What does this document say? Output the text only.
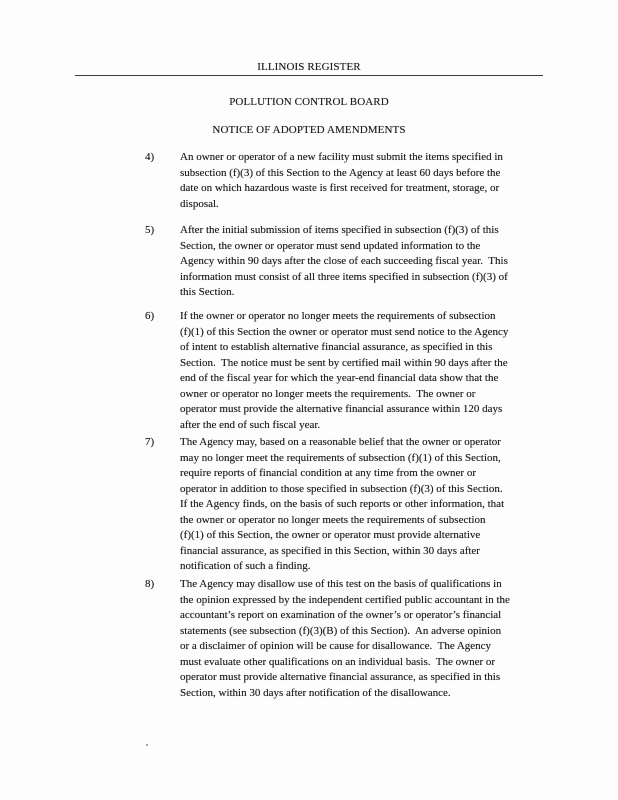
ILLINOIS REGISTER
POLLUTION CONTROL BOARD
NOTICE OF ADOPTED AMENDMENTS
4) An owner or operator of a new facility must submit the items specified in
subsection (f)(3) of this Section to the Agency at least 60 days before the
date on which hazardous waste is first received for treatment, storage, or
disposal.
5) After the initial submission of items specified in subsection (f)(3) of this
Section, the owner or operator must send updated information to the
Agency within 90 days after the close of each succeeding fiscal year.  This
information must consist of all three items specified in subsection (f)(3) of
this Section.
6) If the owner or operator no longer meets the requirements of subsection
(f)(1) of this Section the owner or operator must send notice to the Agency
of intent to establish alternative financial assurance, as specified in this
Section.  The notice must be sent by certified mail within 90 days after the
end of the fiscal year for which the year-end financial data show that the
owner or operator no longer meets the requirements.  The owner or
operator must provide the alternative financial assurance within 120 days
after the end of such fiscal year.
7) The Agency may, based on a reasonable belief that the owner or operator
may no longer meet the requirements of subsection (f)(1) of this Section,
require reports of financial condition at any time from the owner or
operator in addition to those specified in subsection (f)(3) of this Section.
If the Agency finds, on the basis of such reports or other information, that
the owner or operator no longer meets the requirements of subsection
(f)(1) of this Section, the owner or operator must provide alternative
financial assurance, as specified in this Section, within 30 days after
notification of such a finding.
8) The Agency may disallow use of this test on the basis of qualifications in
the opinion expressed by the independent certified public accountant in the
accountant’s report on examination of the owner’s or operator’s financial
statements (see subsection (f)(3)(B) of this Section).  An adverse opinion
or a disclaimer of opinion will be cause for disallowance.  The Agency
must evaluate other qualifications on an individual basis.  The owner or
operator must provide alternative financial assurance, as specified in this
Section, within 30 days after notification of the disallowance.
